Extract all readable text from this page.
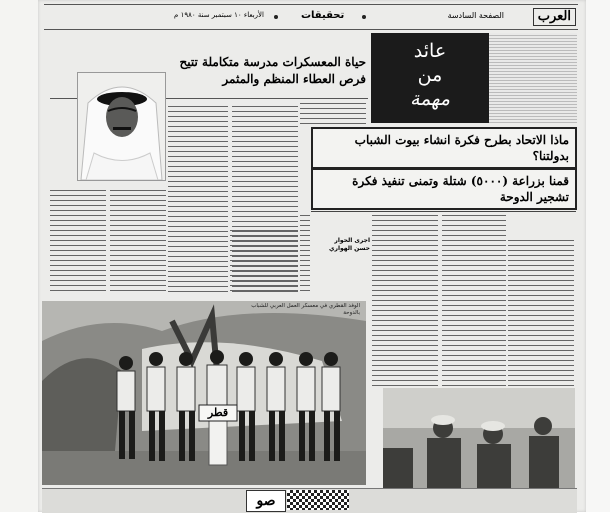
الأربعاء ١٠ سبتمبر سنة ١٩٨٠ م	تحقيقات	الصفحة السادسة	العرب
عائد
من
مهمة
حياة المعسكرات مدرسة متكاملة تتيح فرص العطاء المنظم والمثمر
ماذا الاتحاد بطرح فكرة انشاء بيوت الشباب بدولتنا؟
قمنا بزراعة (٥٠٠٠) شتلة وتمنى تنفيذ فكرة تشجير الدوحة
اجرى الحوار
حسن الهواري
قطر
الوفد القطري في معسكر العمل العربي للشباب بالدوحة
صو
